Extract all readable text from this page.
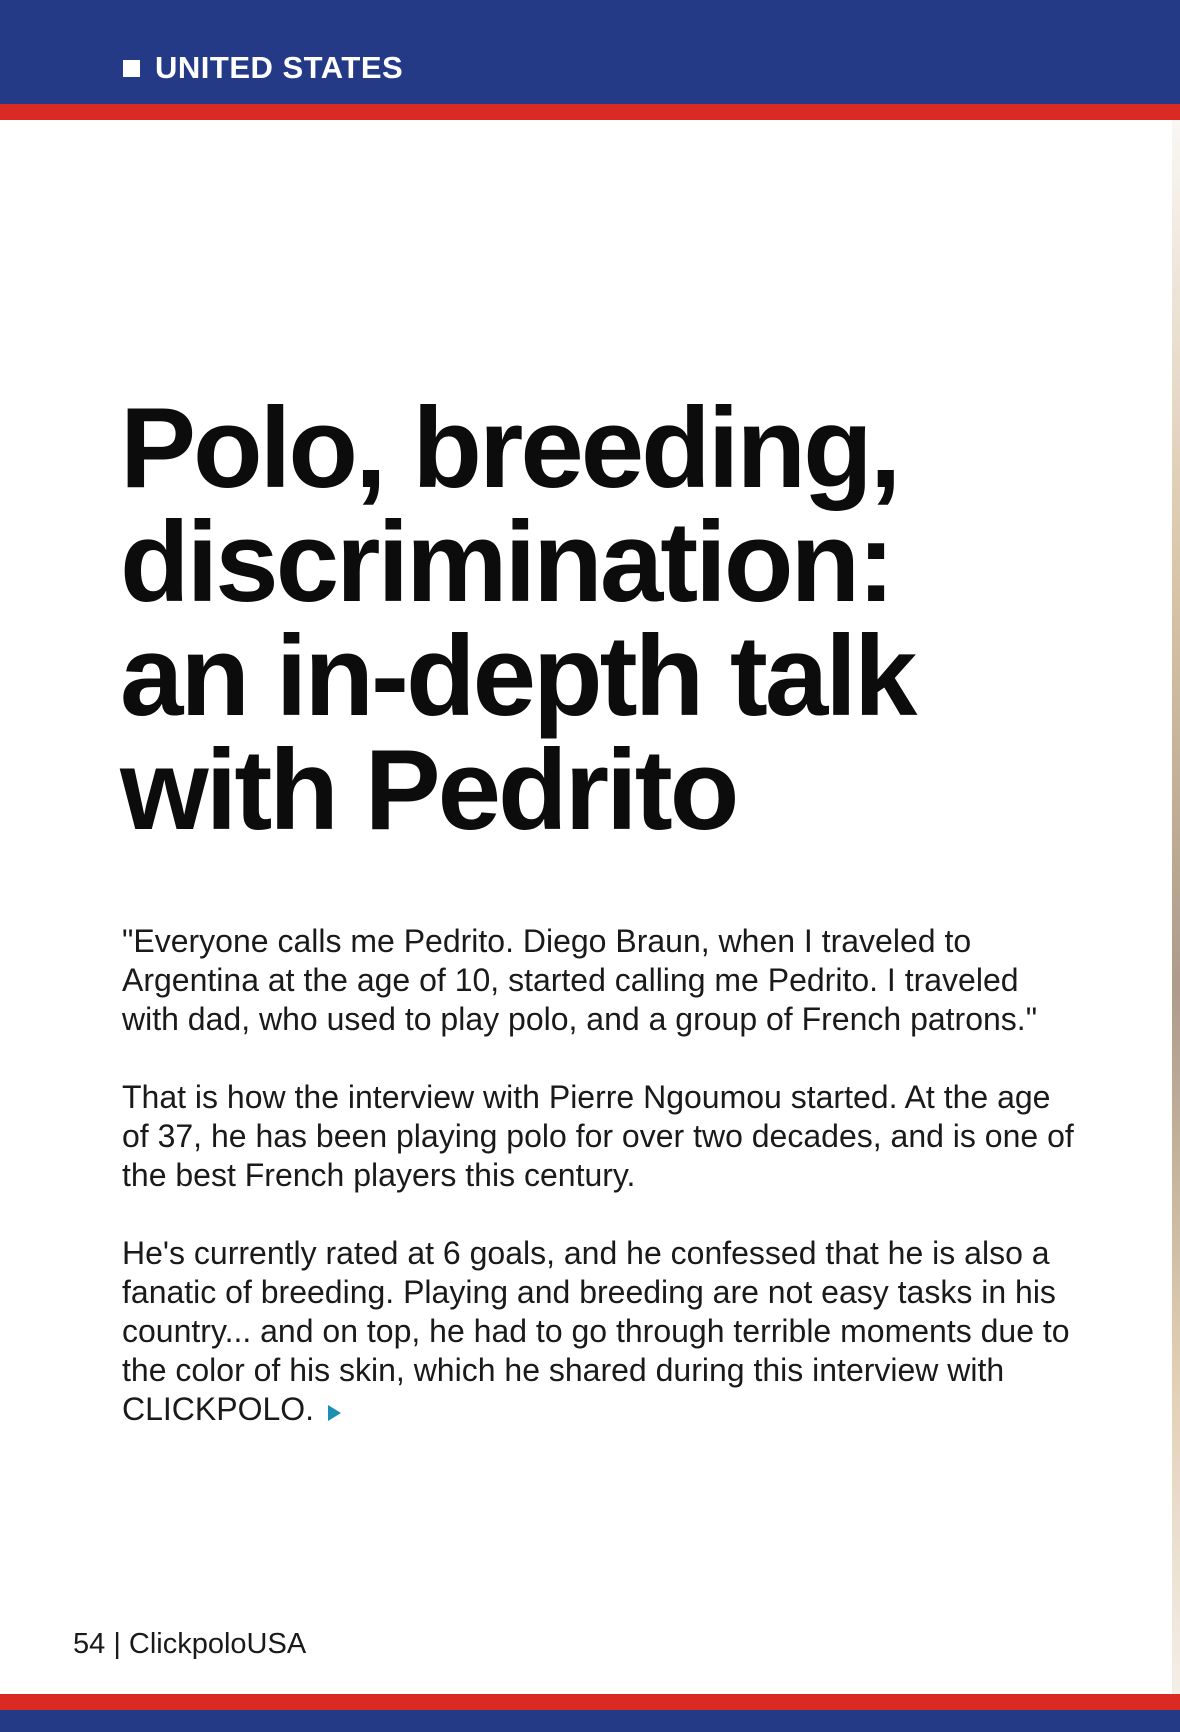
UNITED STATES
Polo, breeding,
discrimination:
an in-depth talk
with Pedrito

"Everyone calls me Pedrito. Diego Braun, when I traveled to Argentina at the age of 10, started calling me Pedrito. I traveled with dad, who used to play polo, and a group of French patrons."

That is how the interview with Pierre Ngoumou started. At the age of 37, he has been playing polo for over two decades, and is one of the best French players this century.

He's currently rated at 6 goals, and he confessed that he is also a fanatic of breeding. Playing and breeding are not easy tasks in his country... and on top, he had to go through terrible moments due to the color of his skin, which he shared during this interview with CLICKPOLO.

54 | ClickpoloUSA
